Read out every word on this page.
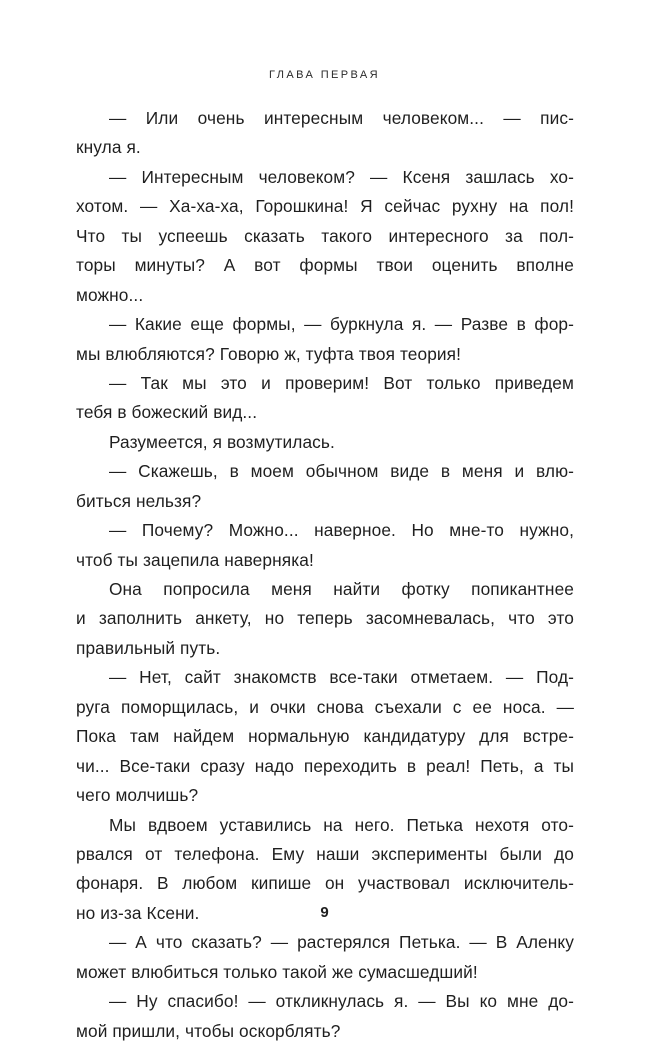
ГЛАВА ПЕРВАЯ
— Или очень интересным человеком... — пис-
кнула я.
— Интересным человеком? — Ксеня зашлась хо-
хотом. — Ха-ха-ха, Горошкина! Я сейчас рухну на пол!
Что ты успеешь сказать такого интересного за пол-
торы минуты? А вот формы твои оценить вполне
можно...
— Какие еще формы, — буркнула я. — Разве в фор-
мы влюбляются? Говорю ж, туфта твоя теория!
— Так мы это и проверим! Вот только приведем
тебя в божеский вид...
Разумеется, я возмутилась.
— Скажешь, в моем обычном виде в меня и влю-
биться нельзя?
— Почему? Можно... наверное. Но мне-то нужно,
чтоб ты зацепила наверняка!
Она попросила меня найти фотку попикантнее
и заполнить анкету, но теперь засомневалась, что это
правильный путь.
— Нет, сайт знакомств все-таки отметаем. — Под-
руга поморщилась, и очки снова съехали с ее носа. —
Пока там найдем нормальную кандидатуру для встре-
чи... Все-таки сразу надо переходить в реал! Петь, а ты
чего молчишь?
Мы вдвоем уставились на него. Петька нехотя ото-
рвался от телефона. Ему наши эксперименты были до
фонаря. В любом кипише он участвовал исключитель-
но из-за Ксени.
— А что сказать? — растерялся Петька. — В Аленку
может влюбиться только такой же сумасшедший!
— Ну спасибо! — откликнулась я. — Вы ко мне до-
мой пришли, чтобы оскорблять?
9
